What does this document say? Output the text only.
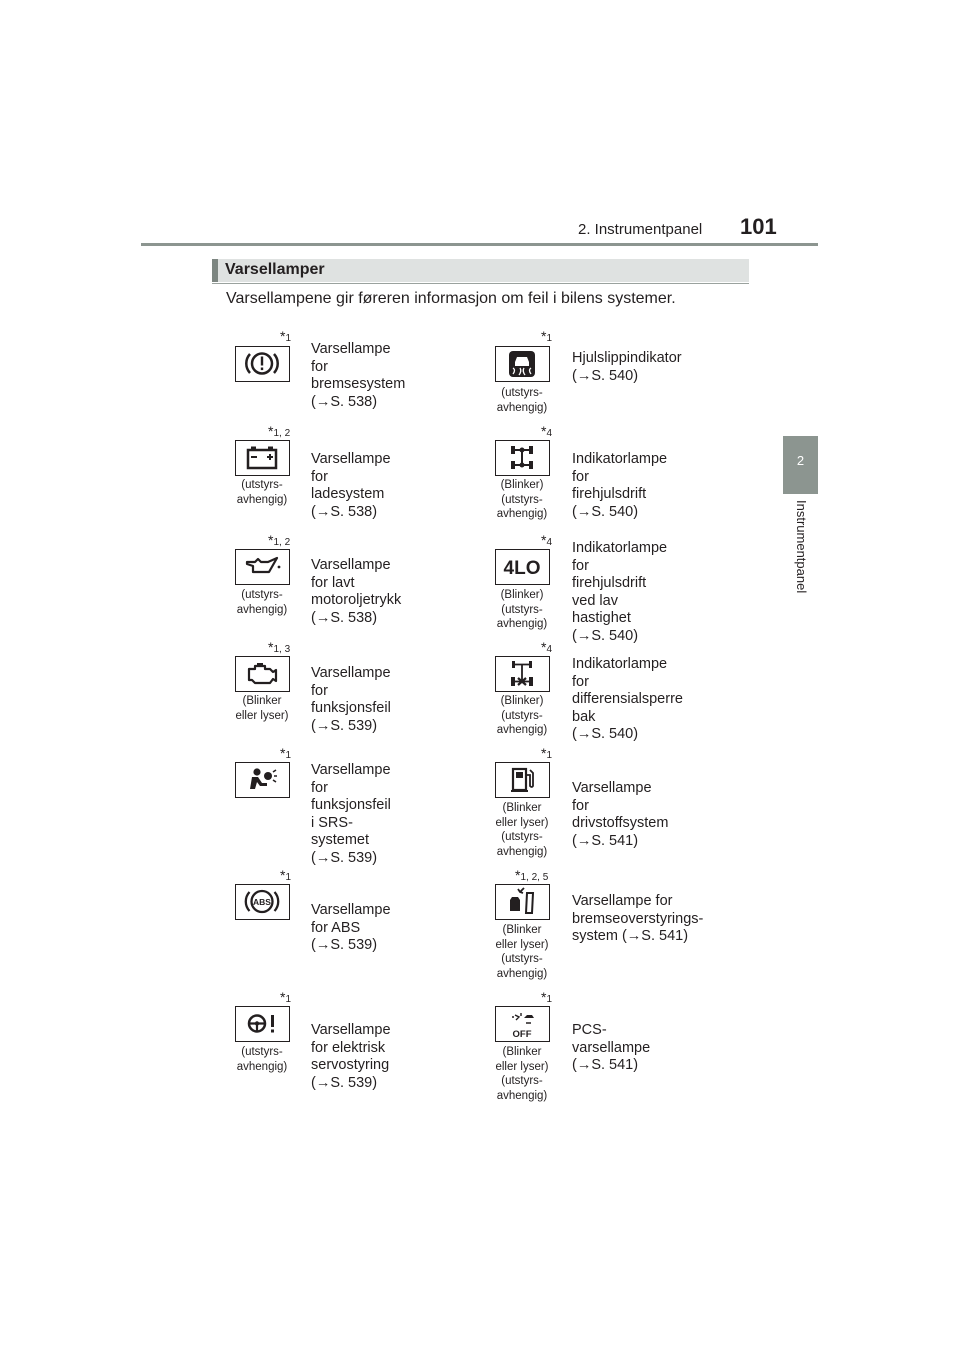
2. Instrumentpanel 101
2
Instrumentpanel
Varsellamper
Varsellampene gir føreren informasjon om feil i bilens systemer.
*1
Varsellampe for
bremsesystem
(→S. 538)
*1, 2
(utstyrs-
avhengig)
Varsellampe for
ladesystem (→S. 538)
*1, 2
(utstyrs-
avhengig)
Varsellampe for lavt
motoroljetrykk (→S. 538)
*1, 3
(Blinker
eller lyser)
Varsellampe for
funksjonsfeil (→S. 539)
*1
Varsellampe for
funksjonsfeil
i SRS-systemet
(→S. 539)
*1
ABS	Varsellampe for ABS
(→S. 539)
*1
(utstyrs-
avhengig)
Varsellampe for elektrisk
servostyring (→S. 539)
*1
(utstyrs-
avhengig)
Hjulslippindikator
(→S. 540)
*4
(Blinker)
(utstyrs-
avhengig)
Indikatorlampe for
firehjulsdrift (→S. 540)
*4
4LO
(Blinker)
(utstyrs-
avhengig)
Indikatorlampe for
firehjulsdrift ved lav
hastighet
(→S. 540)
*4
(Blinker)
(utstyrs-
avhengig)
Indikatorlampe for
differensialsperre bak
(→S. 540)
*1
(Blinker
eller lyser)
(utstyrs-
avhengig)
Varsellampe for
drivstoffsystem (→S. 541)
*1, 2, 5
(Blinker
eller lyser)
(utstyrs-
avhengig)
Varsellampe for
bremseoverstyrings-
system (→S. 541)
*1
OFF
(Blinker
eller lyser)
(utstyrs-
avhengig)
PCS-varsellampe
(→S. 541)
